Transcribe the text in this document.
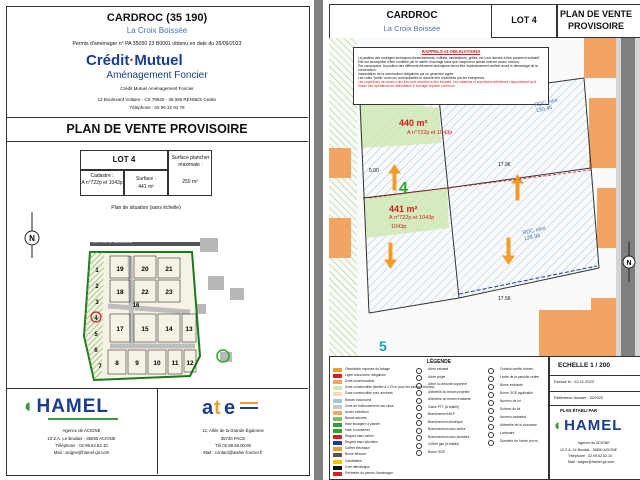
CARDROC (35 190)
La Croix Boissée
Permis d'aménager n° PA 35050 23 B0001 obtenu en date du 26/09/2023
Crédit·Mutuel
Aménagement Foncier
Crédit Mutuel Aménagement Foncier
12 Boulevard Voltaire - CS 78640 - 35 065 RENNES Cedex
Téléphone : 02 99 22 91 79
PLAN DE VENTE PROVISOIRE
LOT 4
Cadastre :
A n°722p et 1043p
Surface :
441 m²
Surface plancher maximale :
250 m²
Plan de situation (sans échelle)
N
19	20	21
18	22	23
17	15	14 13
8	9 10 11 12
1
2
3
4
5
6
7
16
RD 2 Rue de Saint-Brieuc
◐HAMEL
Agence de ACIGNE
10 Z.A. Le Boulais - 35690 ACIGNE
Téléphone : 02.99.62.52.10
Mail : acigne@hamel-gir.com
a t e
12, Allée de la Grande Égalonne
35740 PACE
Tél 02.99.65.00.00
Mail : contact@atelier-foncier.fr
CARDROC
La Croix Boissée
LOT 4
PLAN DE VENTE
PROVISOIRE
RAPPELS et OBLIGATIONS
La position des ouvrages techniques (branchements, coffrets, candélabres, grilles, etc.) est donnée à titre purement indicatif. Elle est susceptible d'être modifiée par le maître d'ouvrage sans que l'acquéreur puisse exercer aucun recours.
Par conséquent, la position des différents éléments techniques devra être impérativement vérifiée avant le démarrage de la construction.
Implantation de la construction obligatoire par un géomètre agréé.
Les cotes "jardin" sont non contractuelles et doivent être contrôlées par les entreprises.
Les superficies de cession des lots sont données à titre indicatif. Les cotations et superficies définitives n'apparaîtront qu'à l'issue des opérations de délimitation & bornage réputée conforme.
440 m²
A n°722p et 1043p
4
441 m²
A n°722p et 1043p
1043p
RDC mini 130.45
RDC mini 128.95
17.96
17.56
5.00
5
LÉGENDE
Orientation imposée du faîtage
Ligne d'accroche obligatoire
Zone inconstructible
Zone constructible (limitée à 1,20 m pour les saillies, toitures)
Zone constructible pour annexes
Bande d'accroche
Zone de stationnement non close
Accès individuel
Bande arborée
Haie bocagère à planter
Haie à conserver
Regard eaux usées
Regard eaux pluviales
Coffret électrique
Borne télécom
Candélabre
Cote altimétrique
Périmètre du permis d'aménager
Arbre existant
Arbre projet
Arbre ou arbuste supprimé
Altimétrie du terrain projetée
Altimétrie du terrain existante
Gaine PTT (A établir)
Branchement AEP
Branchement électrique
Branchement eaux usées
Branchement eaux pluviales
Coffret gaz (A établir)
Borne OGE
Création arrêté bornes
Limite de la parcelle cédée
Borne existante
Borne OGE applicable
Numéro de lot
Surface du lot
Numéro cadastral
Altimétrie de la chaussée
Luminaire
Diamètre de l'arbre (en m)
ECHELLE 1 / 200
Dressé le : 22.11.2023
Référence dossier : 220922
PLAN ÉTABLI PAR
◐HAMEL
Agence de ACIGNE
10 Z.A. Le Boulais - 35690 ACIGNE
Téléphone : 02.99.62.52.10
Mail : acigne@hamel-gir.com
N
